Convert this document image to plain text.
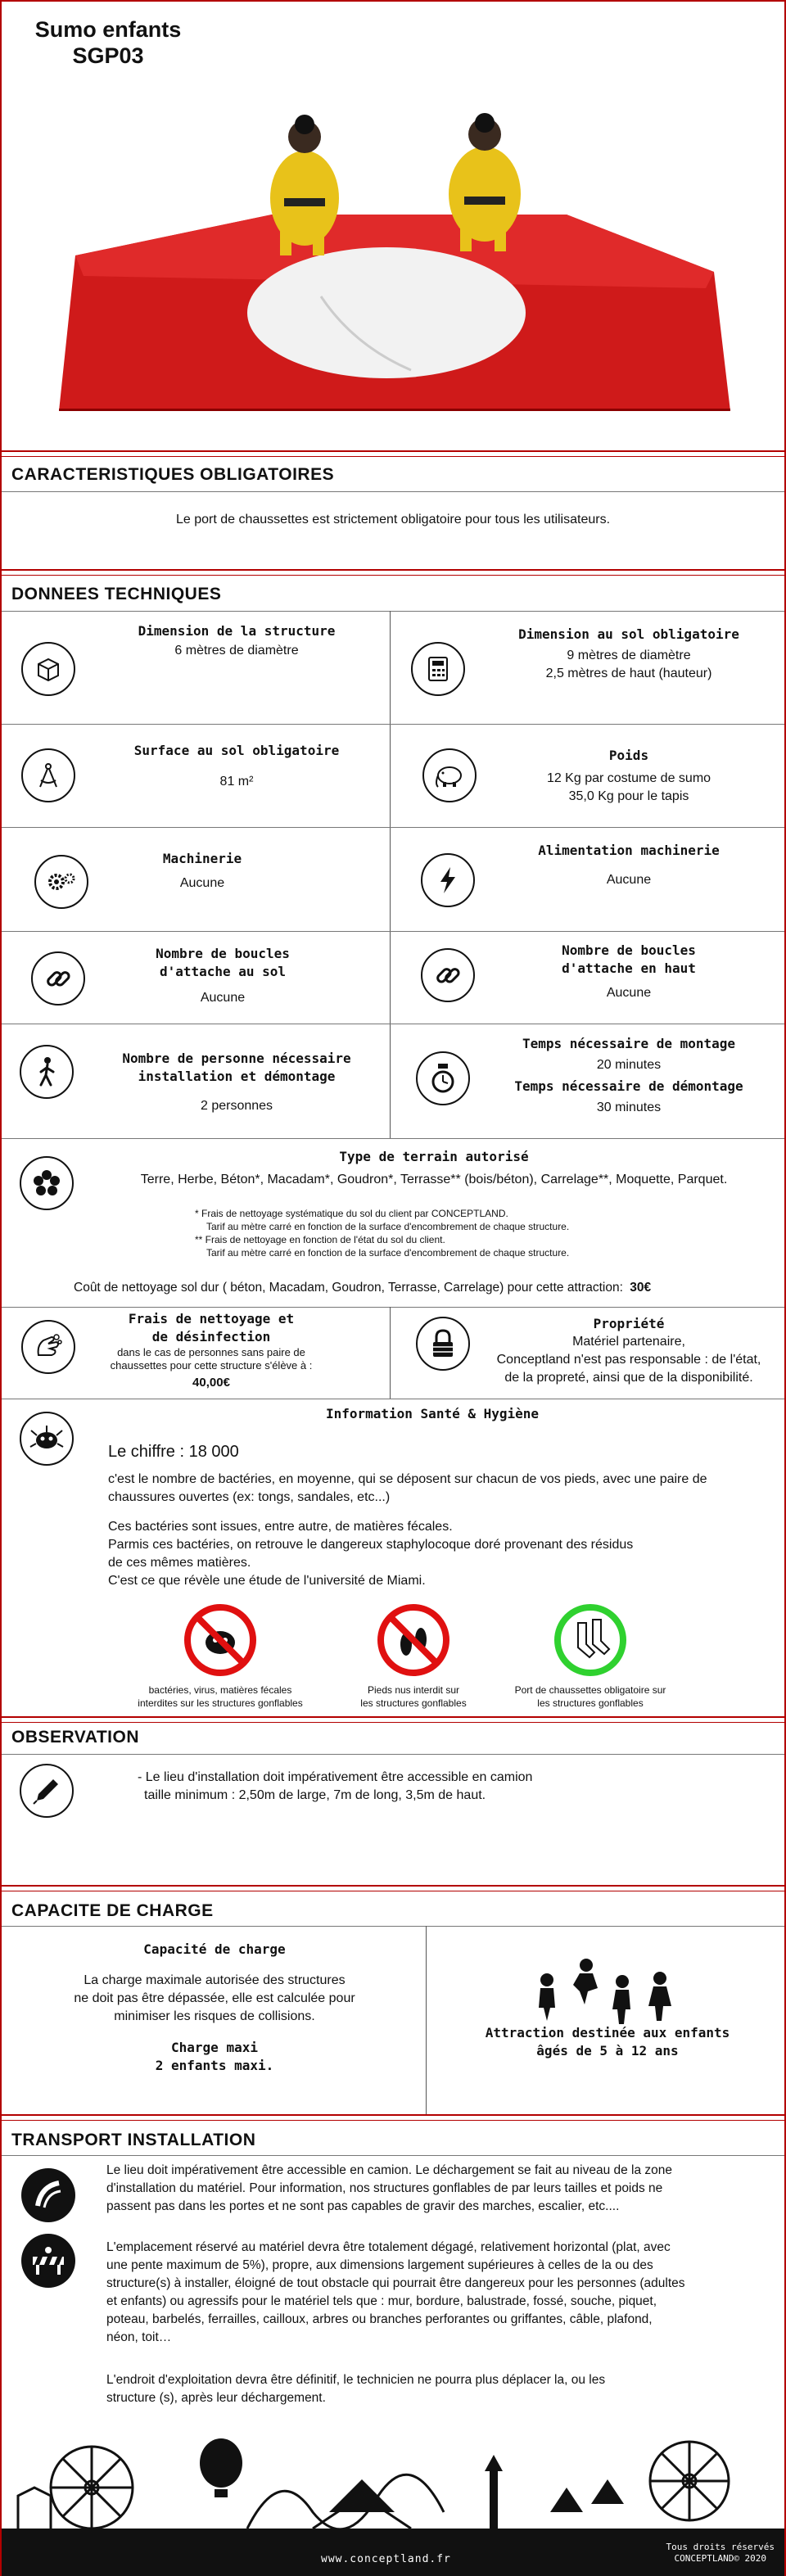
Sumo enfants
SGP03
CARACTERISTIQUES OBLIGATOIRES
Le port de chaussettes est strictement obligatoire pour tous les utilisateurs.
DONNEES TECHNIQUES
Dimension de la structure
6 mètres de diamètre
Dimension au sol obligatoire
9 mètres de diamètre
2,5 mètres de haut (hauteur)
Surface au sol obligatoire
81 m²
Poids
12 Kg par costume de sumo
35,0 Kg pour le tapis
Machinerie
Aucune
Alimentation machinerie
Aucune
Nombre de boucles
d'attache au sol
Aucune
Nombre de boucles
d'attache en haut
Aucune
Nombre de personne nécessaire
installation et démontage
2 personnes
Temps nécessaire de montage
20 minutes
Temps nécessaire de démontage
30 minutes
Type de terrain autorisé
Terre, Herbe, Béton*, Macadam*, Goudron*, Terrasse** (bois/béton), Carrelage**, Moquette, Parquet.
* Frais de nettoyage systématique du sol du client par CONCEPTLAND.
Tarif au mètre carré en fonction de la surface d'encombrement de chaque structure.
** Frais de nettoyage en fonction de l'état du sol du client.
Tarif au mètre carré en fonction de la surface d'encombrement de chaque structure.
Coût de nettoyage sol dur ( béton, Macadam, Goudron, Terrasse, Carrelage) pour cette attraction: 30€
Frais de nettoyage et
de désinfection
dans le cas de personnes sans paire de
chaussettes pour cette structure s'élève à :
40,00€
Propriété
Matériel partenaire,
Conceptland n'est pas responsable : de l'état,
de la propreté, ainsi que de la disponibilité.
Information Santé & Hygiène
Le chiffre : 18 000
c'est le nombre de bactéries, en moyenne, qui se déposent sur chacun de vos pieds, avec une paire de
chaussures ouvertes (ex: tongs, sandales, etc...)
Ces bactéries sont issues, entre autre, de matières fécales.
Parmis ces bactéries, on retrouve le dangereux staphylocoque doré provenant des résidus
de ces mêmes matières.
C'est ce que révèle une étude de l'université de Miami.
bactéries, virus, matières fécales
interdites sur les structures gonflables
Pieds nus interdit sur
les structures gonflables
Port de chaussettes obligatoire sur
les structures gonflables
OBSERVATION
- Le lieu d'installation doit impérativement être accessible en camion
taille minimum : 2,50m de large, 7m de long, 3,5m de haut.
CAPACITE DE CHARGE
Capacité de charge
La charge maximale autorisée des structures
ne doit pas être dépassée, elle est calculée pour
minimiser les risques de collisions.
Charge maxi
2 enfants maxi.
Attraction destinée aux enfants
âgés de 5 à 12 ans
TRANSPORT INSTALLATION
Le lieu doit impérativement être accessible en camion. Le déchargement se fait au niveau de la zone
d'installation du matériel. Pour information, nos structures gonflables de par leurs tailles et poids ne
passent pas dans les portes et ne sont pas capables de gravir des marches, escalier, etc....
L'emplacement réservé au matériel devra être totalement dégagé, relativement horizontal (plat, avec
une pente maximum de 5%), propre, aux dimensions largement supérieures à celles de la ou des
structure(s) à installer, éloigné de tout obstacle qui pourrait être dangereux pour les personnes (adultes
et enfants) ou agressifs pour le matériel tels que : mur, bordure, balustrade, fossé, souche, piquet,
poteau, barbelés, ferrailles, cailloux, arbres ou branches perforantes ou griffantes, câble, plafond,
néon, toit…
L'endroit d'exploitation devra être définitif, le technicien ne pourra plus déplacer la, ou les
structure (s), après leur déchargement.
www.conceptland.fr
Tous droits réservés
CONCEPTLAND© 2020
